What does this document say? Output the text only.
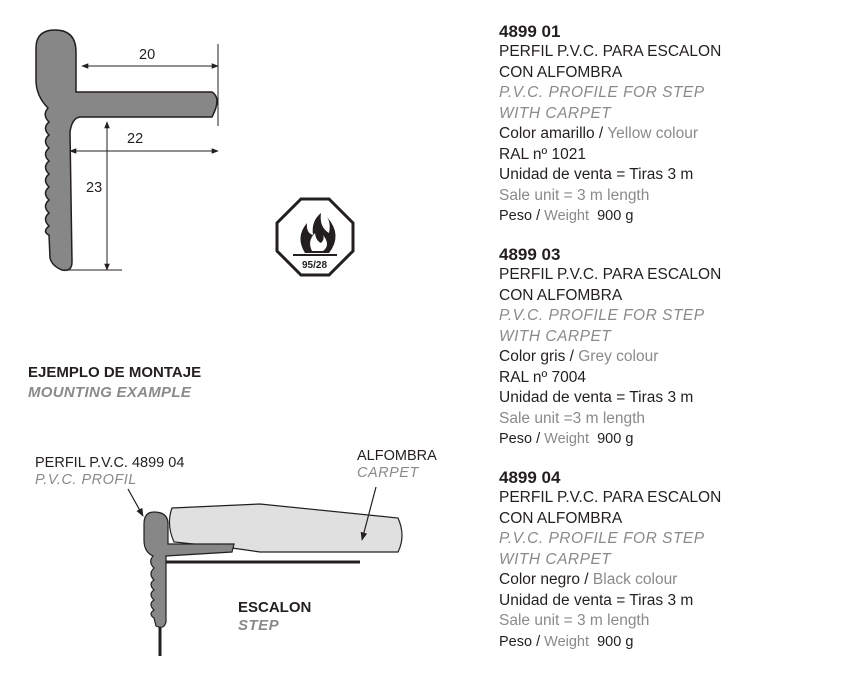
20
22
23
95/28
EJEMPLO DE MONTAJE
MOUNTING EXAMPLE
PERFIL P.V.C. 4899 04
P.V.C. PROFIL
ALFOMBRA
CARPET
ESCALON
STEP
4899 01
PERFIL P.V.C. PARA ESCALON
CON ALFOMBRA
P.V.C. PROFILE FOR STEP
WITH CARPET
Color amarillo / Yellow colour
RAL nº 1021
Unidad de venta = Tiras 3 m
Sale unit = 3 m length
Peso / Weight 900 g
4899 03
PERFIL P.V.C. PARA ESCALON
CON ALFOMBRA
P.V.C. PROFILE FOR STEP
WITH CARPET
Color gris / Grey colour
RAL nº 7004
Unidad de venta = Tiras 3 m
Sale unit =3 m length
Peso / Weight 900 g
4899 04
PERFIL P.V.C. PARA ESCALON
CON ALFOMBRA
P.V.C. PROFILE FOR STEP
WITH CARPET
Color negro / Black colour
Unidad de venta = Tiras 3 m
Sale unit = 3 m length
Peso / Weight 900 g
